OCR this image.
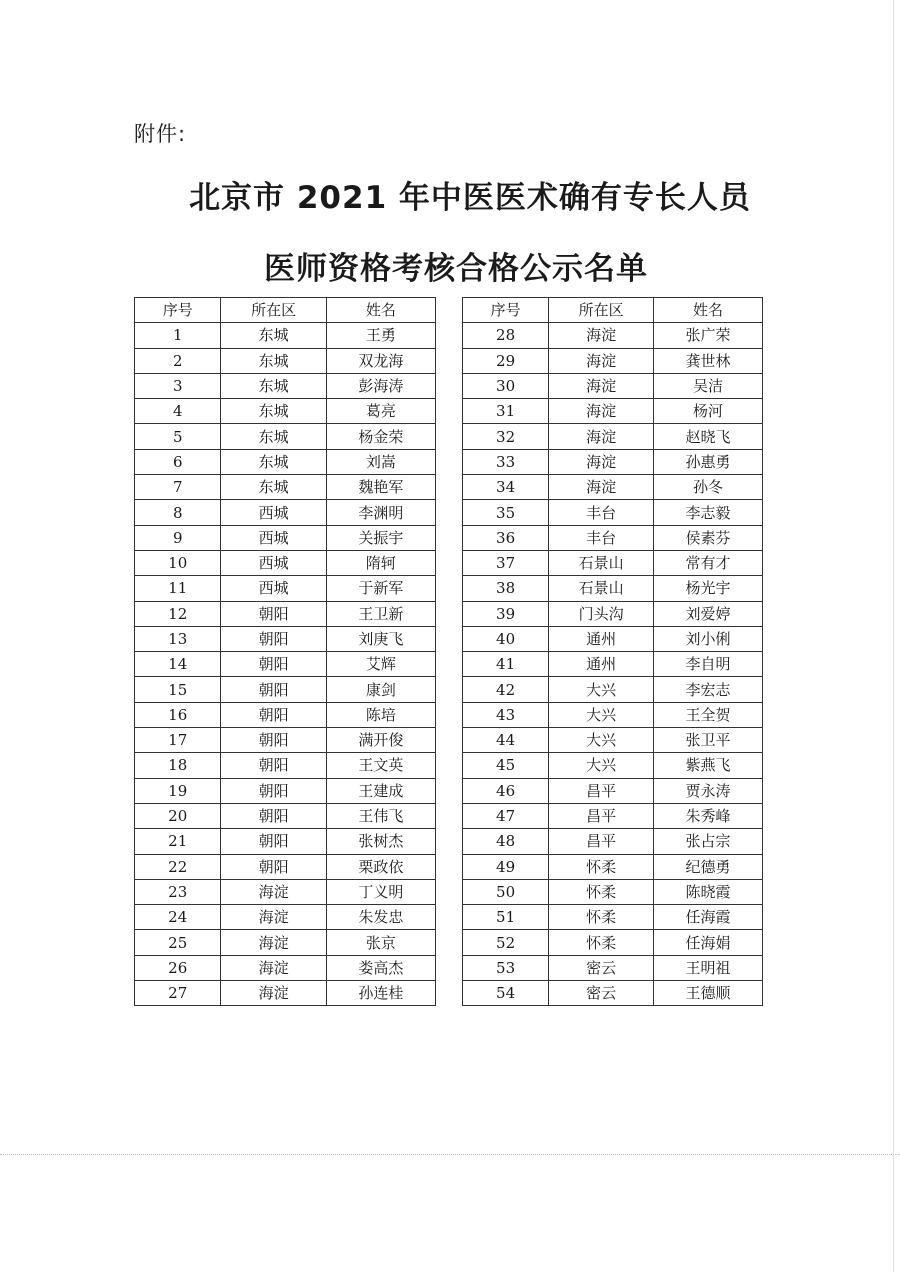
附件:
北京市 2021 年中医医术确有专长人员
医师资格考核合格公示名单
序号	所在区	姓名
1	东城	王勇
2	东城	双龙海
3	东城	彭海涛
4	东城	葛亮
5	东城	杨金荣
6	东城	刘嵩
7	东城	魏艳军
8	西城	李渊明
9	西城	关振宇
10	西城	隋轲
11	西城	于新军
12	朝阳	王卫新
13	朝阳	刘庚飞
14	朝阳	艾辉
15	朝阳	康剑
16	朝阳	陈培
17	朝阳	满开俊
18	朝阳	王文英
19	朝阳	王建成
20	朝阳	王伟飞
21	朝阳	张树杰
22	朝阳	栗政依
23	海淀	丁义明
24	海淀	朱发忠
25	海淀	张京
26	海淀	娄高杰
27	海淀	孙连桂
序号	所在区	姓名
28	海淀	张广荣
29	海淀	龚世林
30	海淀	吴洁
31	海淀	杨河
32	海淀	赵晓飞
33	海淀	孙惠勇
34	海淀	孙冬
35	丰台	李志毅
36	丰台	侯素芬
37	石景山	常有才
38	石景山	杨光宇
39	门头沟	刘爱婷
40	通州	刘小俐
41	通州	李自明
42	大兴	李宏志
43	大兴	王全贺
44	大兴	张卫平
45	大兴	紫燕飞
46	昌平	贾永涛
47	昌平	朱秀峰
48	昌平	张占宗
49	怀柔	纪德勇
50	怀柔	陈晓霞
51	怀柔	任海霞
52	怀柔	任海娟
53	密云	王明祖
54	密云	王德顺
